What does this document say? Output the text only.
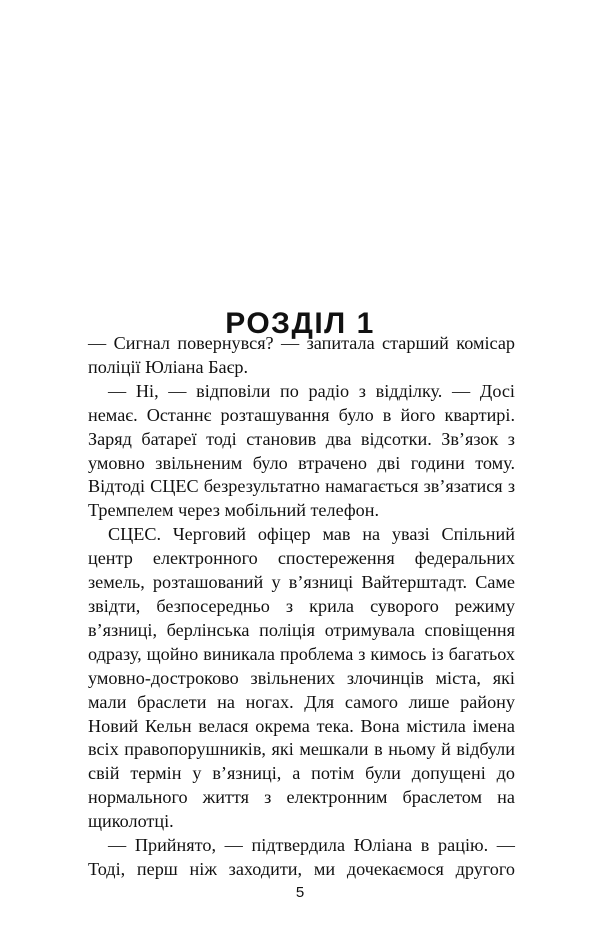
РОЗДІЛ 1

— Сигнал повернувся? — запитала старший комісар поліції Юліана Баєр.

— Ні, — відповіли по радіо з відділку. — Досі немає. Останнє розташування було в його квартирі. Заряд батареї тоді становив два відсотки. Зв’язок з умовно звільненим було втрачено дві години тому. Відтоді СЦЕС безрезультатно намагається зв’язатися з Тремпелем через мобільний телефон.

СЦЕС. Черговий офіцер мав на увазі Спільний центр електронного спостереження федеральних земель, розташований у в’язниці Вайтерштадт. Саме звідти, безпосередньо з крила суворого режиму в’язниці, берлінська поліція отримувала сповіщення одразу, щойно виникала проблема з кимось із багатьох умовно-достроково звільнених злочинців міста, які мали браслети на ногах. Для самого лише району Новий Кельн велася окрема тека. Вона містила імена всіх правопорушників, які мешкали в ньому й відбули свій термін у в’язниці, а потім були допущені до нормального життя з електронним браслетом на щиколотці.

— Прийнято, — підтвердила Юліана в рацію. — Тоді, перш ніж заходити, ми дочекаємося другого

5
